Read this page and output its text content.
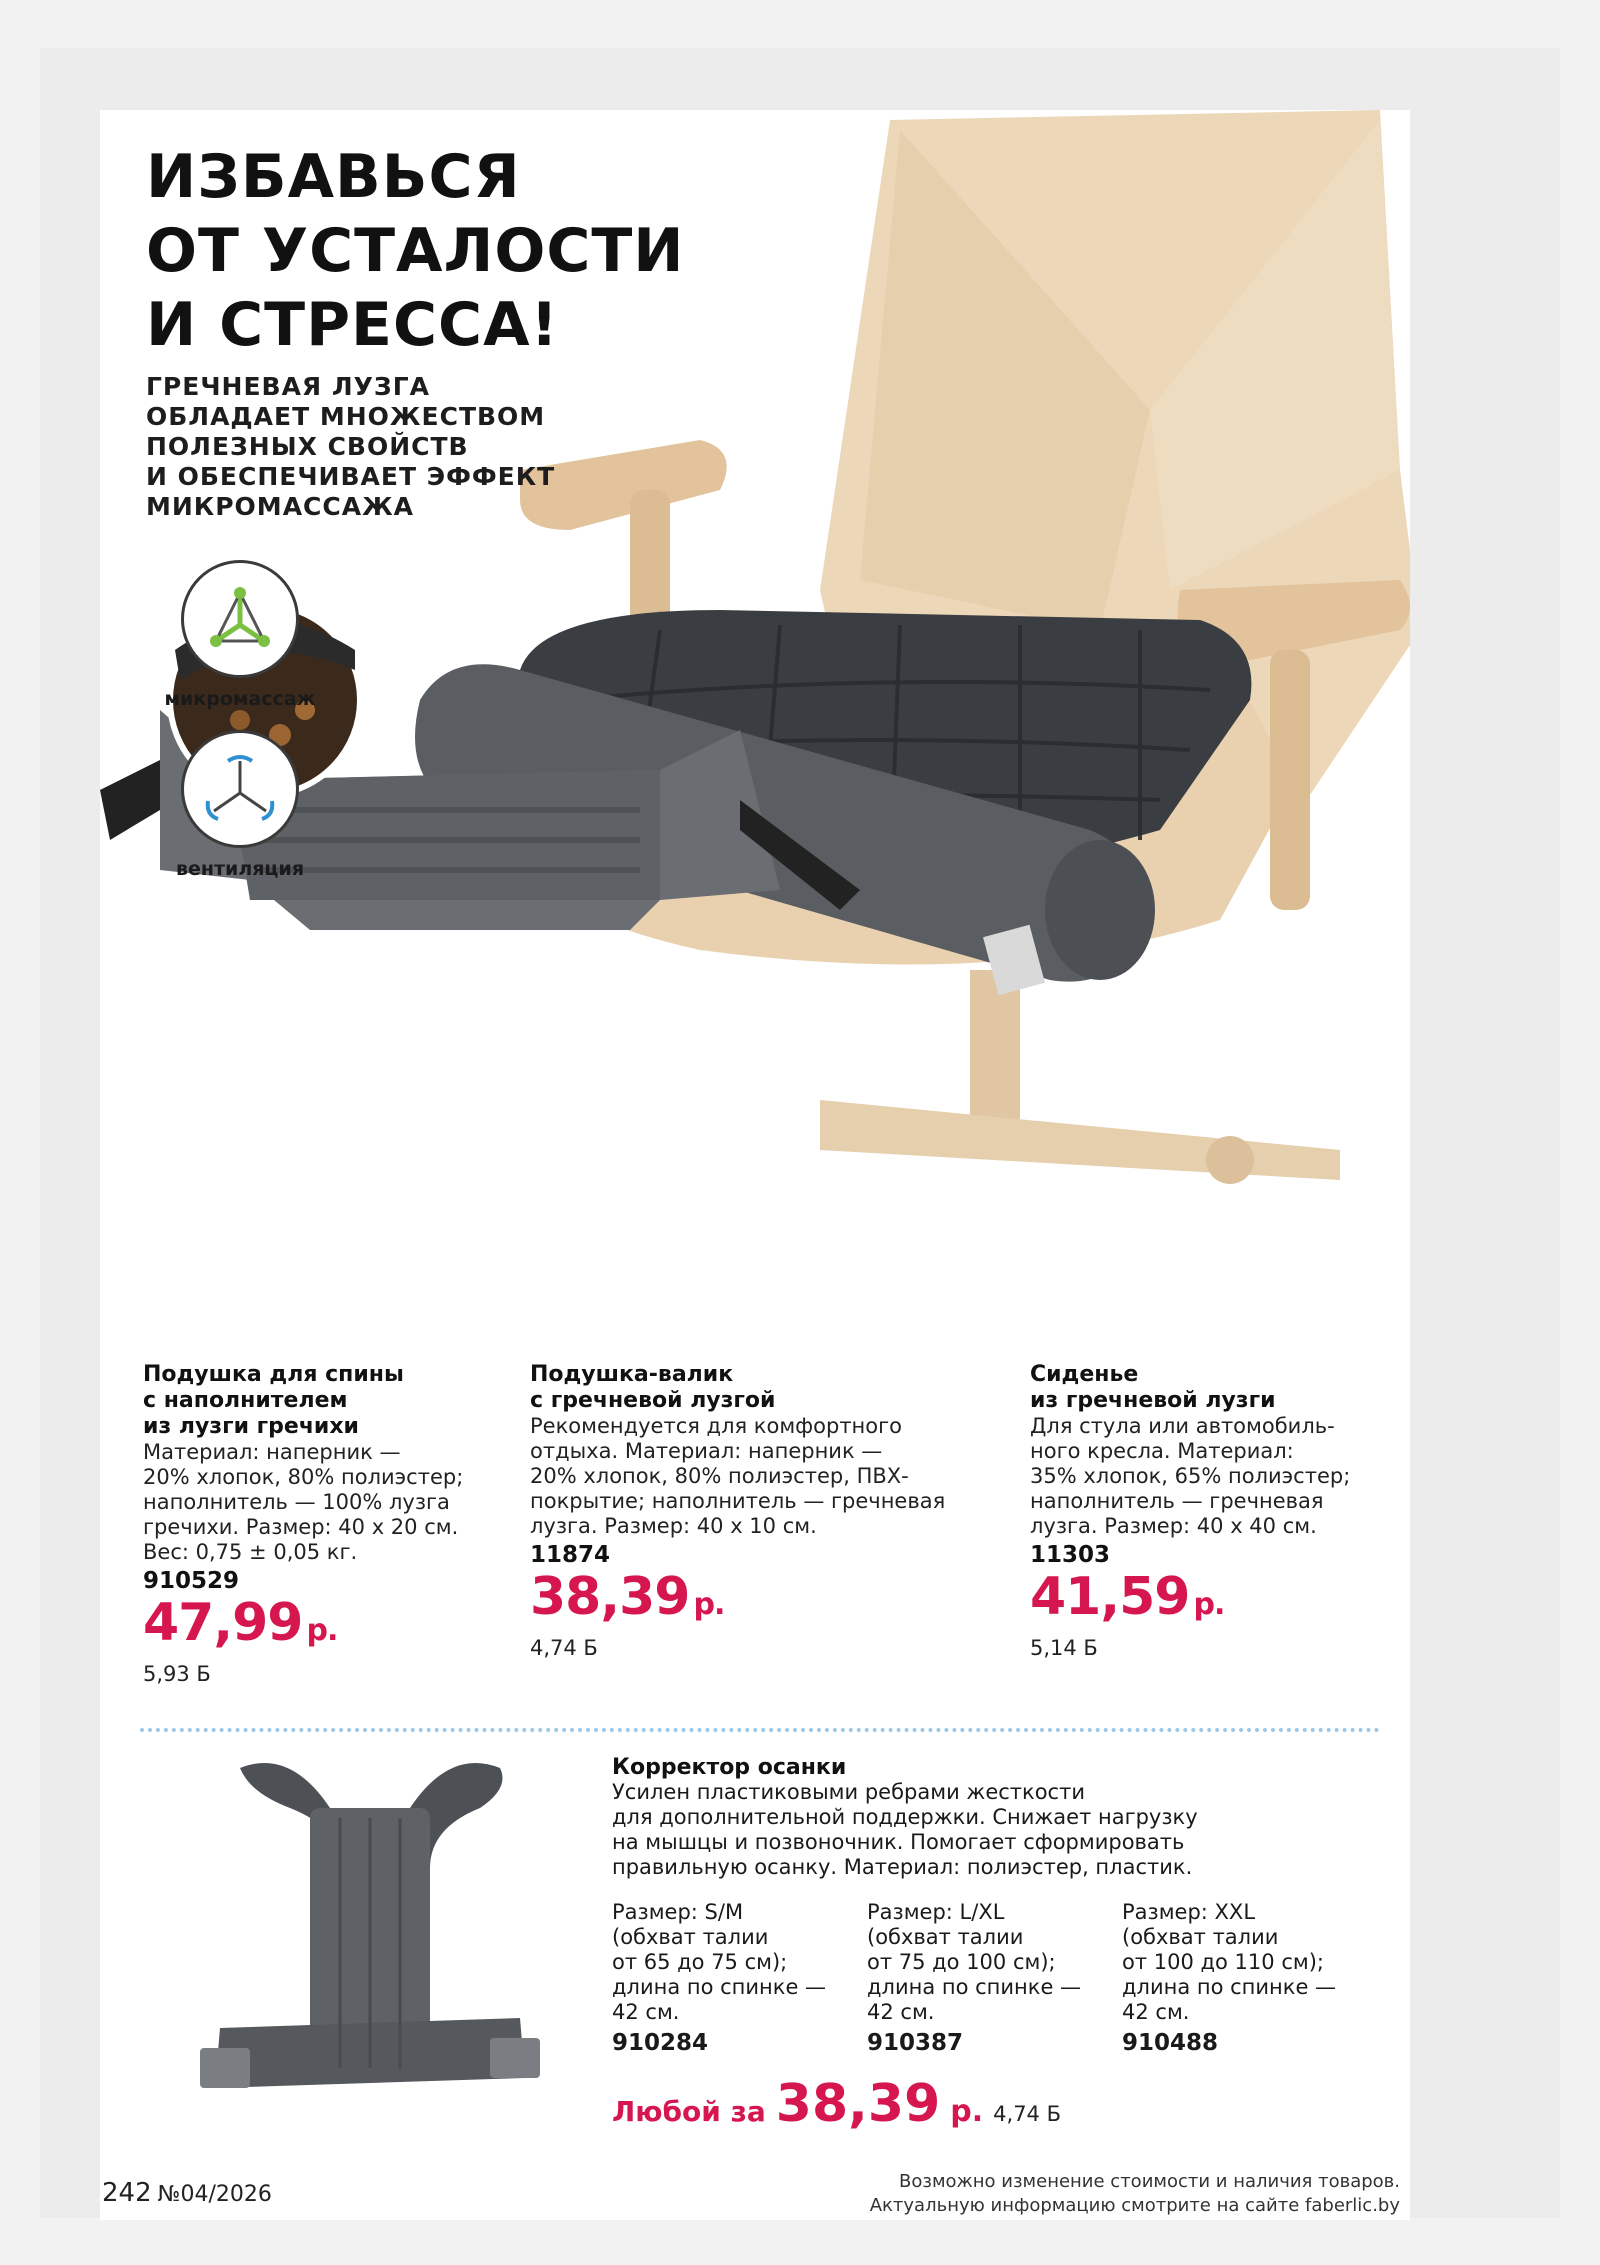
ИЗБАВЬСЯ
ОТ УСТАЛОСТИ
И СТРЕССА!
ГРЕЧНЕВАЯ ЛУЗГА
ОБЛАДАЕТ МНОЖЕСТВОМ
ПОЛЕЗНЫХ СВОЙСТВ
И ОБЕСПЕЧИВАЕТ ЭФФЕКТ
МИКРОМАССАЖА
микромассаж
вентиляция
Подушка для спины
с наполнителем
из лузги гречихи
Материал: наперник —
20% хлопок, 80% полиэстер;
наполнитель — 100% лузга
гречихи. Размер: 40 х 20 см.
Вес: 0,75 ± 0,05 кг.
910529
47,99 р.
5,93 Б
Подушка-валик
с гречневой лузгой
Рекомендуется для комфортного
отдыха. Материал: наперник —
20% хлопок, 80% полиэстер, ПВХ-
покрытие; наполнитель — гречневая
лузга. Размер: 40 х 10 см.
11874
38,39 р.
4,74 Б
Сиденье
из гречневой лузги
Для стула или автомобиль-
ного кресла. Материал:
35% хлопок, 65% полиэстер;
наполнитель — гречневая
лузга. Размер: 40 х 40 см.
11303
41,59 р.
5,14 Б
Корректор осанки
Усилен пластиковыми ребрами жесткости
для дополнительной поддержки. Снижает нагрузку
на мышцы и позвоночник. Помогает сформировать
правильную осанку. Материал: полиэстер, пластик.
Размер: S/M
(обхват талии
от 65 до 75 см);
длина по спинке —
42 см.
910284
Размер: L/XL
(обхват талии
от 75 до 100 см);
длина по спинке —
42 см.
910387
Размер: XXL
(обхват талии
от 100 до 110 см);
длина по спинке —
42 см.
910488
Любой за 38,39 р. 4,74 Б
242 №04/2026
Возможно изменение стоимости и наличия товаров.
Актуальную информацию смотрите на сайте faberlic.by
